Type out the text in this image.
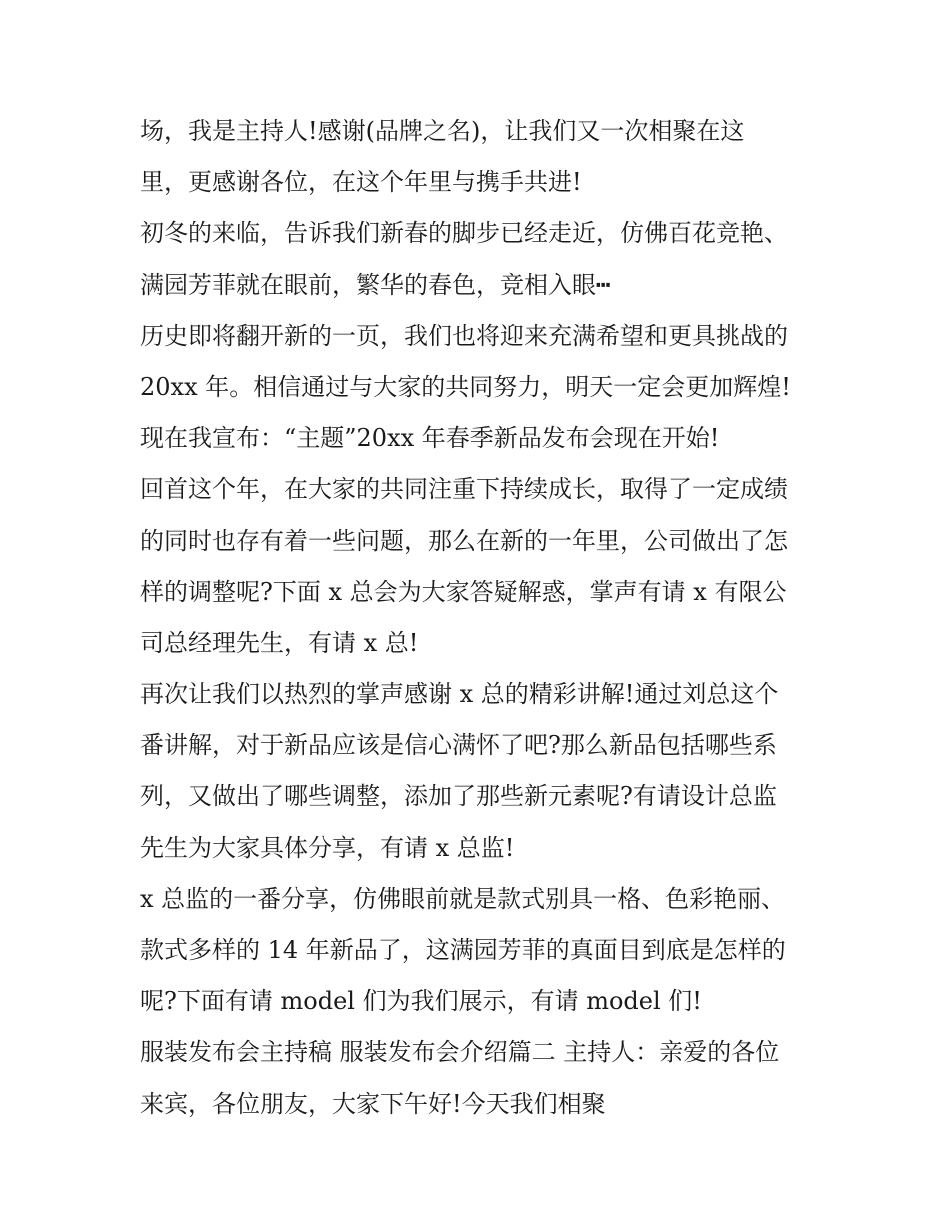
场，我是主持人!感谢(品牌之名)，让我们又一次相聚在这
里，更感谢各位，在这个年里与携手共进!
初冬的来临，告诉我们新春的脚步已经走近，仿佛百花竞艳、
满园芳菲就在眼前，繁华的春色，竞相入眼┅
历史即将翻开新的一页，我们也将迎来充满希望和更具挑战的
20xx 年。相信通过与大家的共同努力，明天一定会更加辉煌!
现在我宣布：“主题”20xx 年春季新品发布会现在开始!
回首这个年，在大家的共同注重下持续成长，取得了一定成绩
的同时也存有着一些问题，那么在新的一年里，公司做出了怎
样的调整呢?下面 x 总会为大家答疑解惑，掌声有请 x 有限公
司总经理先生，有请 x 总!
再次让我们以热烈的掌声感谢 x 总的精彩讲解!通过刘总这个
番讲解，对于新品应该是信心满怀了吧?那么新品包括哪些系
列，又做出了哪些调整，添加了那些新元素呢?有请设计总监
先生为大家具体分享，有请 x 总监!
x 总监的一番分享，仿佛眼前就是款式别具一格、色彩艳丽、
款式多样的 14 年新品了，这满园芳菲的真面目到底是怎样的
呢?下面有请 model 们为我们展示，有请 model 们!
服装发布会主持稿 服装发布会介绍篇二 主持人：亲爱的各位
来宾，各位朋友，大家下午好!今天我们相聚
